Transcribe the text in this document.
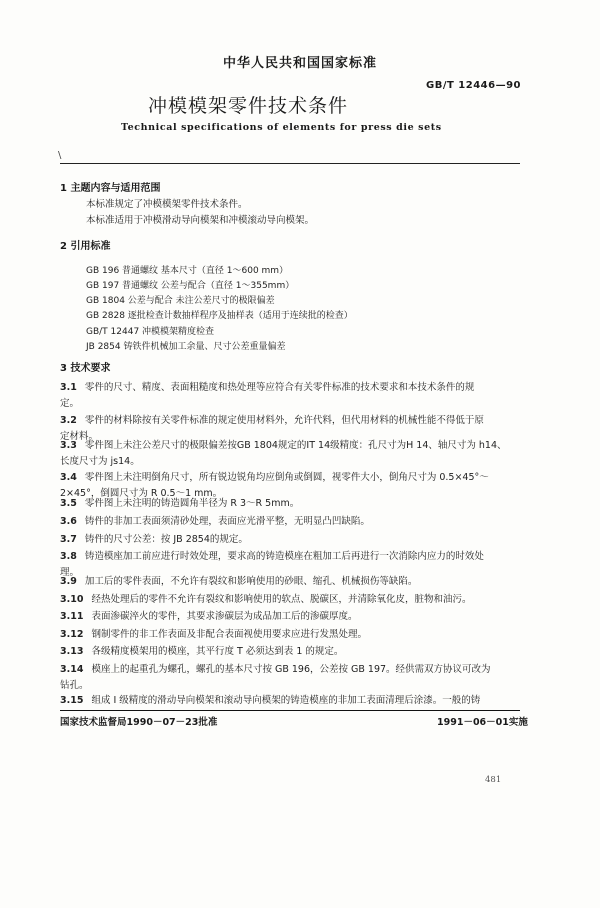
中华人民共和国国家标准
GB/T 12446—90
冲模模架零件技术条件
Technical specifications of elements for press die sets
\
1 主题内容与适用范围
本标准规定了冲模模架零件技术条件。
本标准适用于冲模滑动导向模架和冲模滚动导向模架。
2 引用标准
GB 196 普通螺纹 基本尺寸（直径 1～600 mm）
GB 197 普通螺纹 公差与配合（直径 1～355mm）
GB 1804 公差与配合 未注公差尺寸的极限偏差
GB 2828 逐批检查计数抽样程序及抽样表（适用于连续批的检查）
GB/T 12447 冲模模架精度检查
JB 2854 铸铁件机械加工余量、尺寸公差重量偏差
3 技术要求
3.1 零件的尺寸、精度、表面粗糙度和热处理等应符合有关零件标准的技术要求和本技术条件的规
定。
3.2 零件的材料除按有关零件标准的规定使用材料外，允许代料，但代用材料的机械性能不得低于原
定材料。
3.3 零件图上未注公差尺寸的极限偏差按GB 1804规定的IT 14级精度：孔尺寸为H 14、轴尺寸为 h14、
长度尺寸为 js14。
3.4 零件图上未注明倒角尺寸，所有锐边锐角均应倒角或倒圆，视零件大小，倒角尺寸为 0.5×45°～
2×45°，倒圆尺寸为 R 0.5～1 mm。
3.5 零件图上未注明的铸造圆角半径为 R 3～R 5mm。
3.6 铸件的非加工表面须清砂处理，表面应光滑平整，无明显凸凹缺陷。
3.7 铸件的尺寸公差：按 JB 2854的规定。
3.8 铸造模座加工前应进行时效处理，要求高的铸造模座在粗加工后再进行一次消除内应力的时效处
理。
3.9 加工后的零件表面，不允许有裂纹和影响使用的砂眼、缩孔、机械损伤等缺陷。
3.10 经热处理后的零件不允许有裂纹和影响使用的软点、脱碳区，并清除氧化皮，脏物和油污。
3.11 表面渗碳淬火的零件，其要求渗碳层为成品加工后的渗碳厚度。
3.12 钢制零件的非工作表面及非配合表面视使用要求应进行发黑处理。
3.13 各级精度模架用的模座，其平行度 T 必须达到表 1 的规定。
3.14 模座上的起重孔为螺孔，螺孔的基本尺寸按 GB 196，公差按 GB 197。经供需双方协议可改为
钻孔。
3.15 组成 I 级精度的滑动导向模架和滚动导向模架的铸造模座的非加工表面清理后涂漆。一般的铸
国家技术监督局1990－07－23批准	1991－06－01实施
481
